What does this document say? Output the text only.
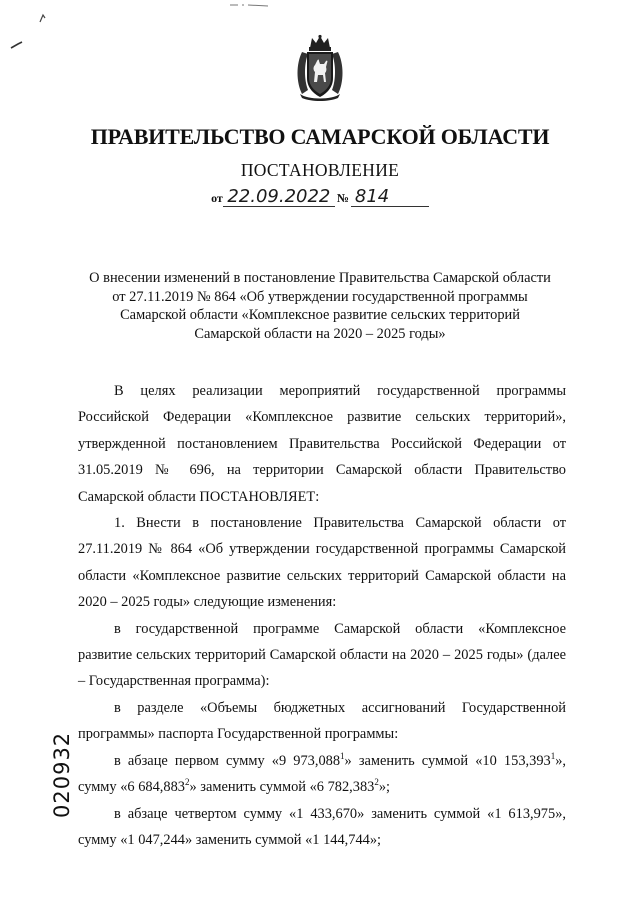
ПРАВИТЕЛЬСТВО САМАРСКОЙ ОБЛАСТИ
ПОСТАНОВЛЕНИЕ
от 22.09.2022 № 814
О внесении изменений в постановление Правительства Самарской области
от 27.11.2019 № 864 «Об утверждении государственной программы
Самарской области «Комплексное развитие сельских территорий
Самарской области на 2020 – 2025 годы»

В целях реализации мероприятий государственной программы Российской Федерации «Комплексное развитие сельских территорий», утвержденной постановлением Правительства Российской Федерации от 31.05.2019 № 696, на территории Самарской области Правительство Самарской области ПОСТАНОВЛЯЕТ:

1. Внести в постановление Правительства Самарской области от 27.11.2019 № 864 «Об утверждении государственной программы Самарской области «Комплексное развитие сельских территорий Самарской области на 2020 – 2025 годы» следующие изменения:

в государственной программе Самарской области «Комплексное развитие сельских территорий Самарской области на 2020 – 2025 годы» (далее – Государственная программа):

в разделе «Объемы бюджетных ассигнований Государственной программы» паспорта Государственной программы:

в абзаце первом сумму «9 973,088$^1$» заменить суммой «10 153,393$^1$», сумму «6 684,883$^2$» заменить суммой «6 782,383$^2$»;

в абзаце четвертом сумму «1 433,670» заменить суммой «1 613,975», сумму «1 047,244» заменить суммой «1 144,744»;

020932
